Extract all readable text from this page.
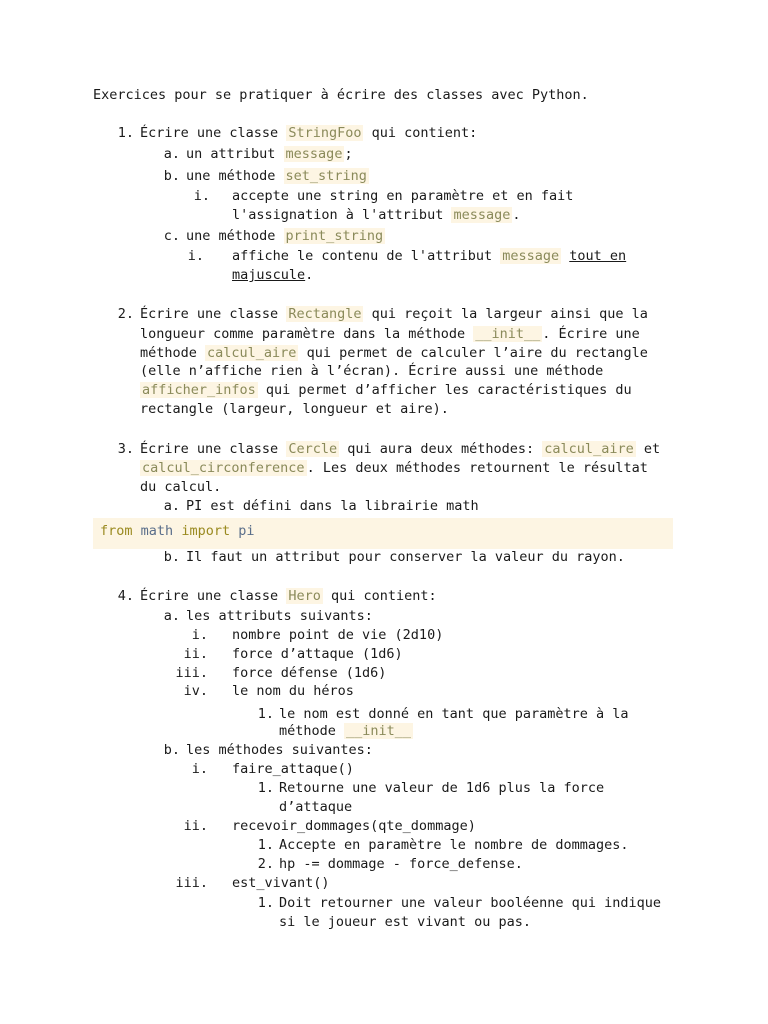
Exercices pour se pratiquer à écrire des classes avec Python.
1. Écrire une classe StringFoo qui contient:
a. un attribut message ;
b. une méthode set_string
i. accepte une string en paramètre et en fait
l'assignation à l'attribut message .
c. une méthode print_string
i. affiche le contenu de l'attribut message tout en
majuscule.
2. Écrire une classe Rectangle qui reçoit la largeur ainsi que la
longueur comme paramètre dans la méthode __init__ . Écrire une
méthode calcul_aire qui permet de calculer l’aire du rectangle
(elle n’affiche rien à l’écran). Écrire aussi une méthode
afficher_infos qui permet d’afficher les caractéristiques du
rectangle (largeur, longueur et aire).
3. Écrire une classe Cercle qui aura deux méthodes: calcul_aire et
calcul_circonference . Les deux méthodes retournent le résultat
du calcul.
a. PI est défini dans la librairie math
from math import pi
b. Il faut un attribut pour conserver la valeur du rayon.
4. Écrire une classe Hero qui contient:
a. les attributs suivants:
i. nombre point de vie (2d10)
ii. force d’attaque (1d6)
iii. force défense (1d6)
iv. le nom du héros
1. le nom est donné en tant que paramètre à la
méthode __init__
b. les méthodes suivantes:
i. faire_attaque()
1. Retourne une valeur de 1d6 plus la force
d’attaque
ii. recevoir_dommages(qte_dommage)
1. Accepte en paramètre le nombre de dommages.
2. hp -= dommage - force_defense.
iii. est_vivant()
1. Doit retourner une valeur booléenne qui indique
si le joueur est vivant ou pas.
